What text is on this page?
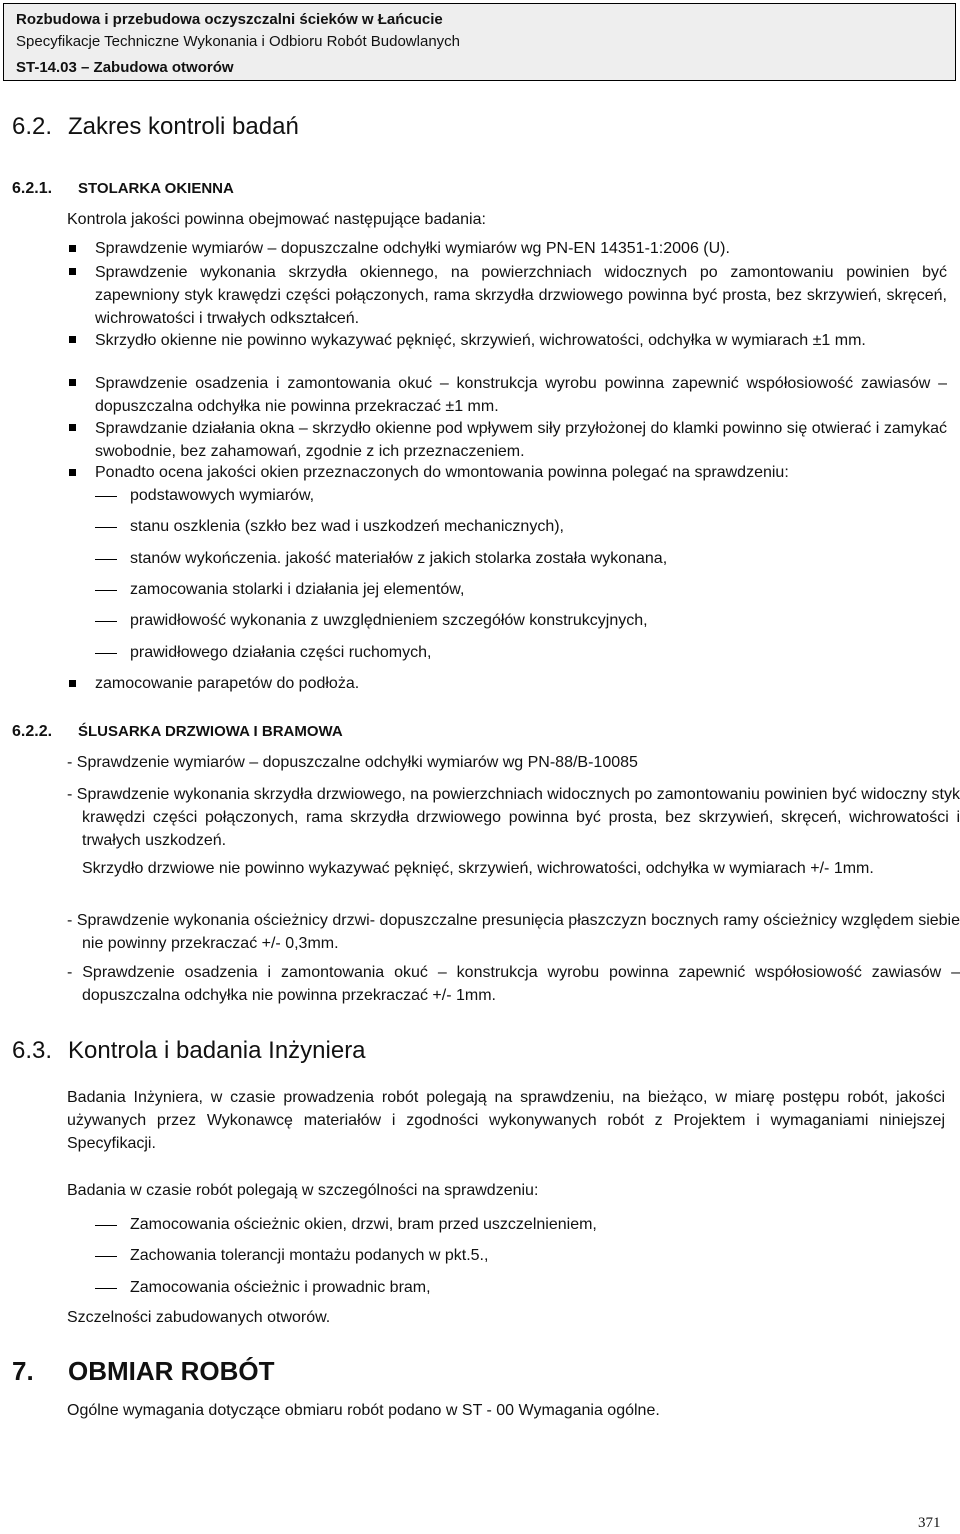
Rozbudowa i przebudowa oczyszczalni ścieków w Łańcucie
Specyfikacje Techniczne Wykonania i Odbioru Robót Budowlanych
ST-14.03 – Zabudowa otworów
6.2. Zakres kontroli badań
6.2.1. STOLARKA OKIENNA
Kontrola jakości powinna obejmować następujące badania:
Sprawdzenie wymiarów – dopuszczalne odchyłki wymiarów wg PN-EN 14351-1:2006 (U).
Sprawdzenie wykonania skrzydła okiennego, na powierzchniach widocznych po zamontowaniu powinien być zapewniony styk krawędzi części połączonych, rama skrzydła drzwiowego powinna być prosta, bez skrzywień, skręceń, wichrowatości i trwałych odkształceń.
Skrzydło okienne nie powinno wykazywać pęknięć, skrzywień, wichrowatości, odchyłka w wymiarach ±1 mm.
Sprawdzenie osadzenia i zamontowania okuć – konstrukcja wyrobu powinna zapewnić współosiowość zawiasów – dopuszczalna odchyłka nie powinna przekraczać ±1 mm.
Sprawdzanie działania okna – skrzydło okienne pod wpływem siły przyłożonej do klamki powinno się otwierać i zamykać swobodnie, bez zahamowań, zgodnie z ich przeznaczeniem.
Ponadto ocena jakości okien przeznaczonych do wmontowania powinna polegać na sprawdzeniu:
podstawowych wymiarów,
stanu oszklenia (szkło bez wad i uszkodzeń mechanicznych),
stanów wykończenia. jakość materiałów z jakich stolarka została wykonana,
zamocowania stolarki i działania jej elementów,
prawidłowość wykonania z uwzględnieniem szczegółów konstrukcyjnych,
prawidłowego działania części ruchomych,
zamocowanie parapetów do podłoża.
6.2.2. ŚLUSARKA DRZWIOWA I BRAMOWA
- Sprawdzenie wymiarów – dopuszczalne odchyłki wymiarów wg PN-88/B-10085
- Sprawdzenie wykonania skrzydła drzwiowego, na powierzchniach widocznych po zamontowaniu powinien być widoczny styk krawędzi części połączonych, rama skrzydła drzwiowego powinna być prosta, bez skrzywień, skręceń, wichrowatości i trwałych uszkodzeń.
Skrzydło drzwiowe nie powinno wykazywać pęknięć, skrzywień, wichrowatości, odchyłka w wymiarach +/- 1mm.
- Sprawdzenie wykonania ościeżnicy drzwi- dopuszczalne presunięcia płaszczyzn bocznych ramy ościeżnicy względem siebie nie powinny przekraczać +/- 0,3mm.
- Sprawdzenie osadzenia i zamontowania okuć – konstrukcja wyrobu powinna zapewnić współosiowość zawiasów – dopuszczalna odchyłka nie powinna przekraczać +/- 1mm.
6.3. Kontrola i badania Inżyniera
Badania Inżyniera, w czasie prowadzenia robót polegają na sprawdzeniu, na bieżąco, w miarę postępu robót, jakości używanych przez Wykonawcę materiałów i zgodności wykonywanych robót z Projektem i wymaganiami niniejszej Specyfikacji.
Badania w czasie robót polegają w szczególności na sprawdzeniu:
Zamocowania ościeżnic okien, drzwi, bram przed uszczelnieniem,
Zachowania tolerancji montażu podanych w pkt.5.,
Zamocowania ościeżnic i prowadnic bram,
Szczelności zabudowanych otworów.
7. OBMIAR ROBÓT
Ogólne wymagania dotyczące obmiaru robót podano w ST - 00 Wymagania ogólne.
371
